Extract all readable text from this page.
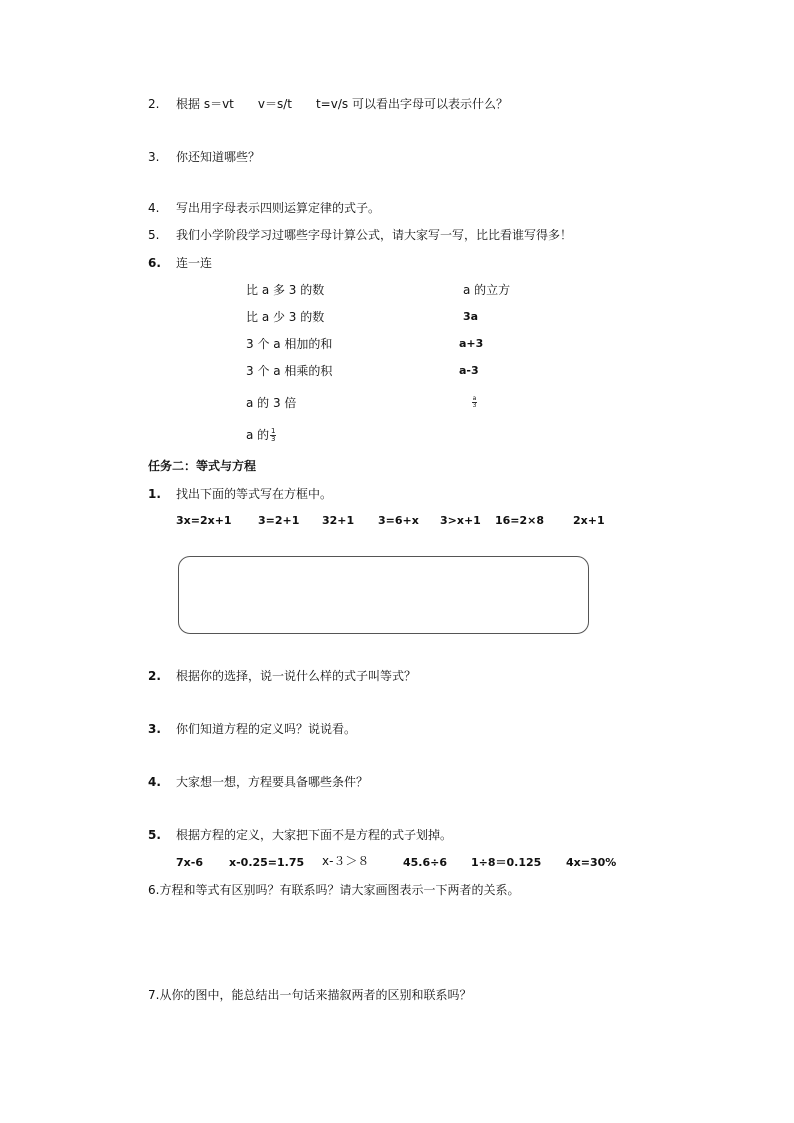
2. 根据 s＝vt　　v＝s/t　　t=v/s 可以看出字母可以表示什么？
3. 你还知道哪些？
4. 写出用字母表示四则运算定律的式子。
5. 我们小学阶段学习过哪些字母计算公式，请大家写一写，比比看谁写得多！
6. 连一连
比 a 多 3 的数
比 a 少 3 的数
3 个 a 相加的和
3 个 a 相乘的积
a 的 3 倍
a 的 $\frac{1}{3}$
a 的立方
3a
a+3
a-3
$\frac{a}{3}$
任务二：等式与方程
1. 找出下面的等式写在方框中。
3x=2x+1 3=2+1 32+1 3=6+x 3>x+1 16=2×8	2x+1
2. 根据你的选择，说一说什么样的式子叫等式？
3. 你们知道方程的定义吗？说说看。
4. 大家想一想，方程要具备哪些条件？
5. 根据方程的定义，大家把下面不是方程的式子划掉。
7x-6 x-0.25=1.75 x-３＞８	45.6÷6 1÷8＝0.125 4x=30%
6.方程和等式有区别吗？有联系吗？请大家画图表示一下两者的关系。
7.从你的图中，能总结出一句话来描叙两者的区别和联系吗？
